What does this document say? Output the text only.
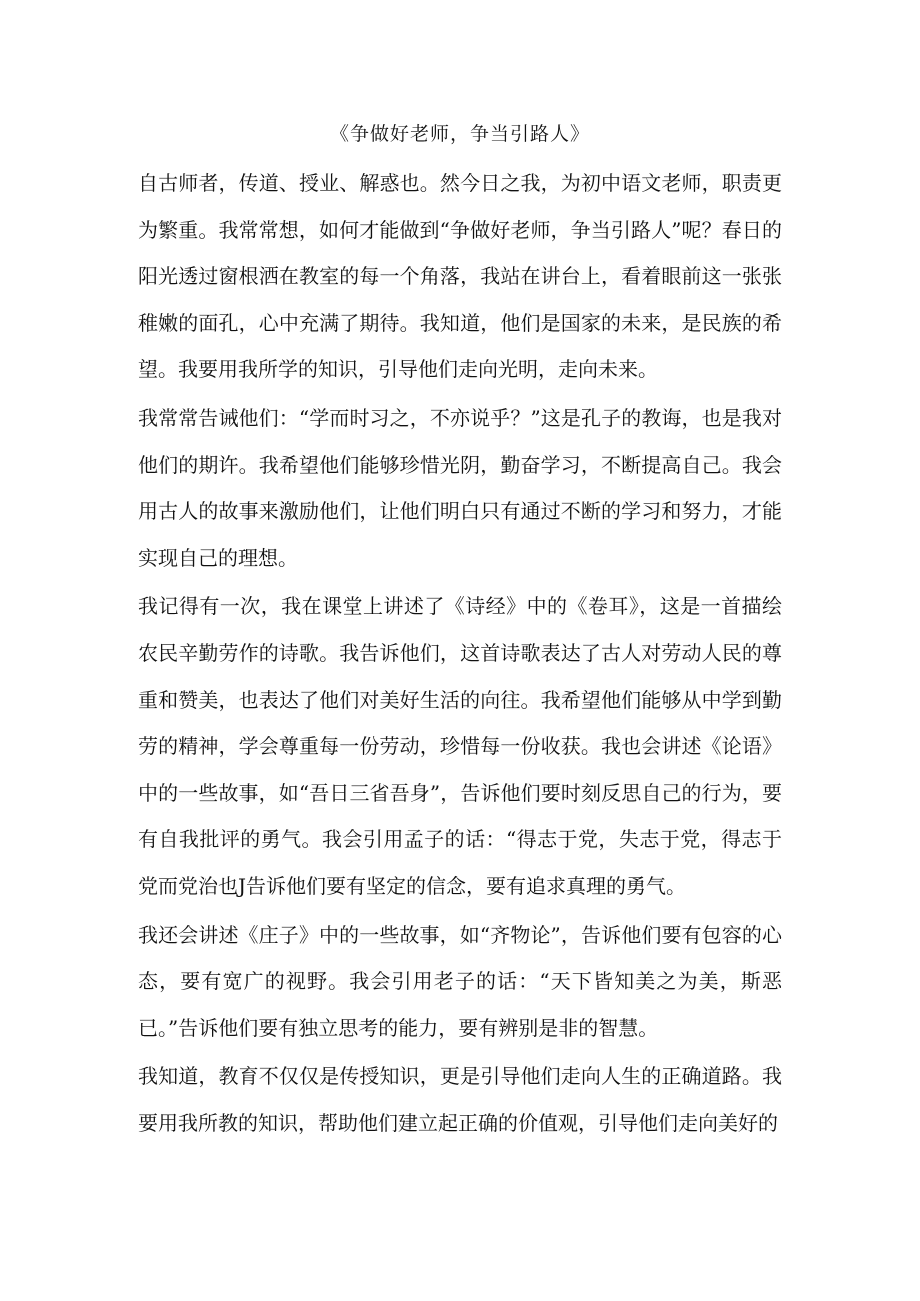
《争做好老师，争当引路人》

自古师者，传道、授业、解惑也。然今日之我，为初中语文老师，职责更为繁重。我常常想，如何才能做到“争做好老师，争当引路人”呢？春日的阳光透过窗根洒在教室的每一个角落，我站在讲台上，看着眼前这一张张稚嫩的面孔，心中充满了期待。我知道，他们是国家的未来，是民族的希望。我要用我所学的知识，引导他们走向光明，走向未来。

我常常告诫他们：“学而时习之，不亦说乎？”这是孔子的教诲，也是我对他们的期许。我希望他们能够珍惜光阴，勤奋学习，不断提高自己。我会用古人的故事来激励他们，让他们明白只有通过不断的学习和努力，才能实现自己的理想。

我记得有一次，我在课堂上讲述了《诗经》中的《卷耳》，这是一首描绘农民辛勤劳作的诗歌。我告诉他们，这首诗歌表达了古人对劳动人民的尊重和赞美，也表达了他们对美好生活的向往。我希望他们能够从中学到勤劳的精神，学会尊重每一份劳动，珍惜每一份收获。我也会讲述《论语》中的一些故事，如“吾日三省吾身”，告诉他们要时刻反思自己的行为，要有自我批评的勇气。我会引用孟子的话：“得志于党，失志于党，得志于党而党治也J告诉他们要有坚定的信念，要有追求真理的勇气。

我还会讲述《庄子》中的一些故事，如“齐物论”，告诉他们要有包容的心态，要有宽广的视野。我会引用老子的话：“天下皆知美之为美，斯恶已。”告诉他们要有独立思考的能力，要有辨别是非的智慧。

我知道，教育不仅仅是传授知识，更是引导他们走向人生的正确道路。我要用我所教的知识，帮助他们建立起正确的价值观，引导他们走向美好的
